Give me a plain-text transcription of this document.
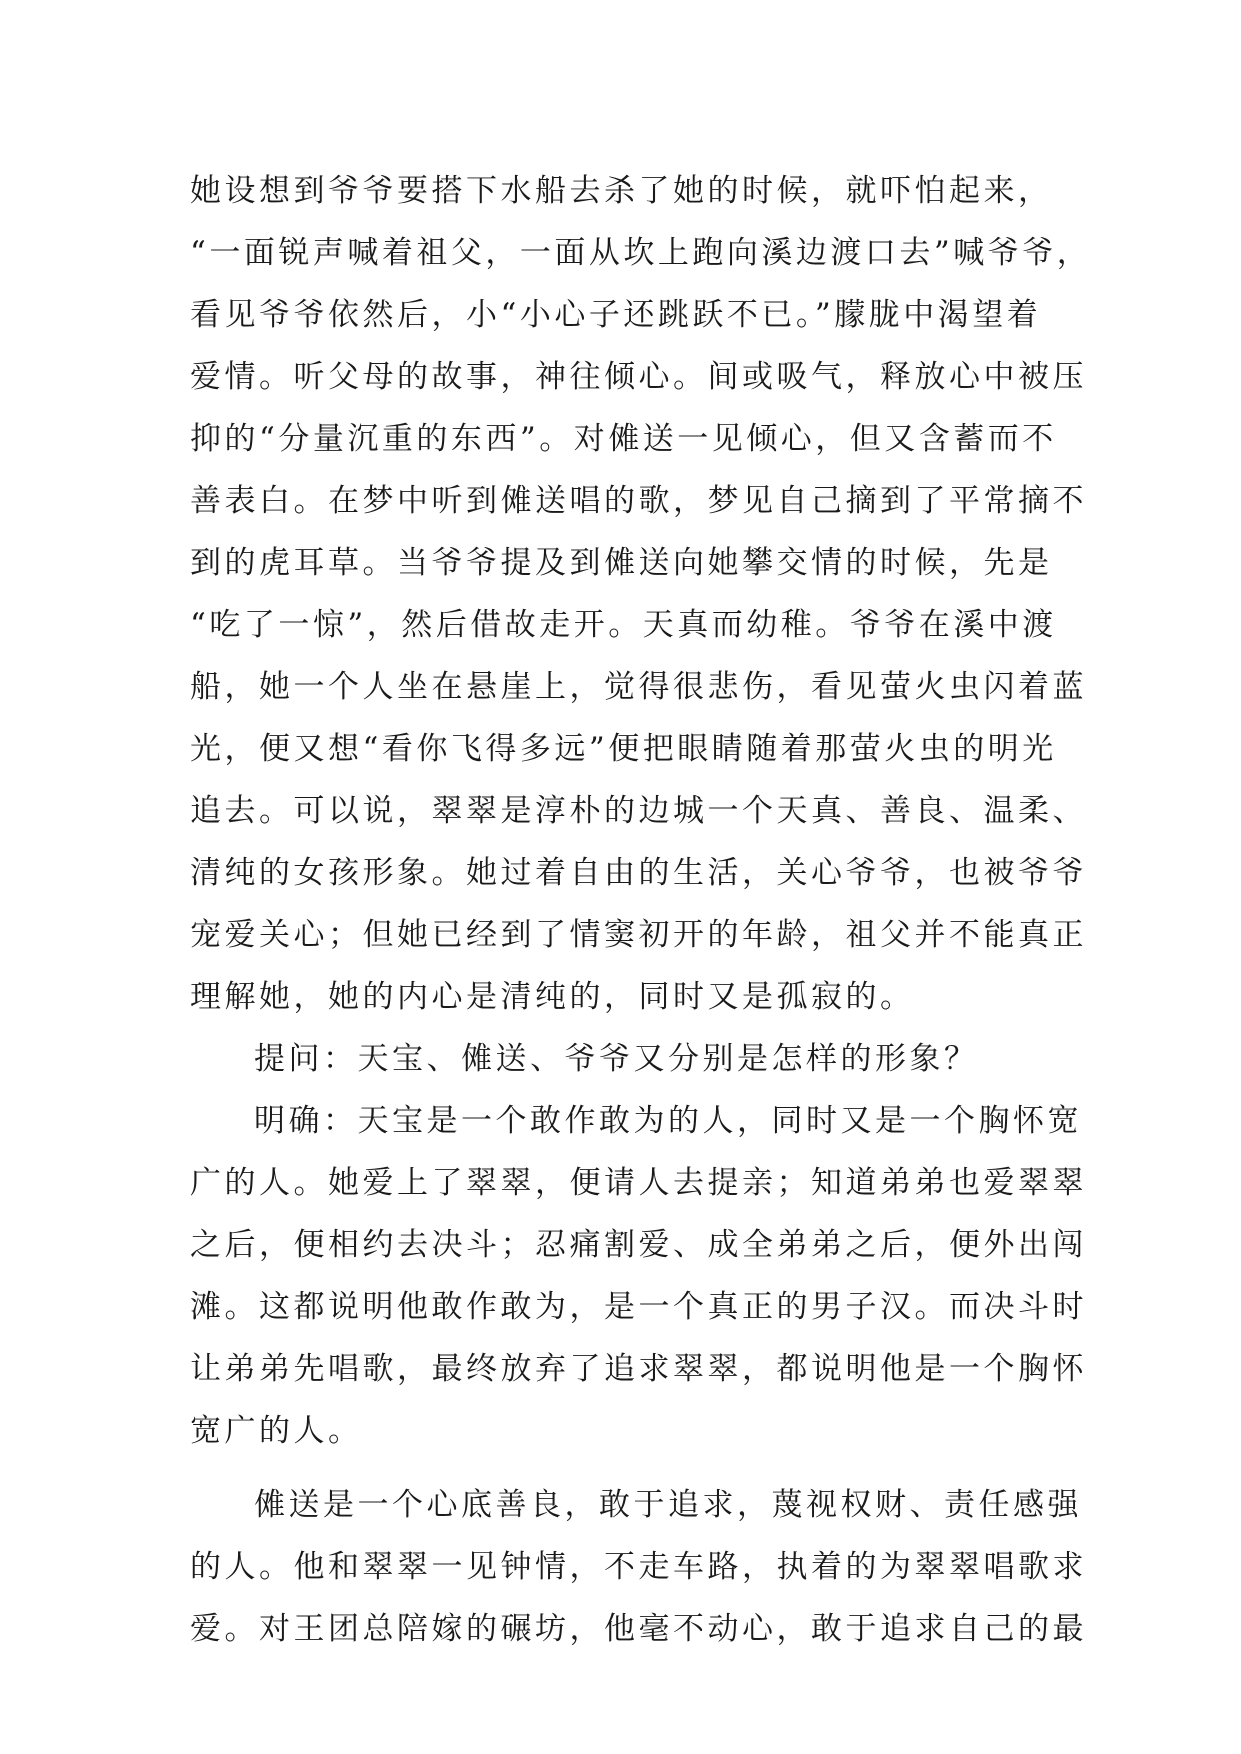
她设想到爷爷要搭下水船去杀了她的时候，就吓怕起来，
“一面锐声喊着祖父，一面从坎上跑向溪边渡口去”喊爷爷，
看见爷爷依然后，小“小心子还跳跃不已。”朦胧中渴望着
爱情。听父母的故事，神往倾心。间或吸气，释放心中被压
抑的“分量沉重的东西”。对傩送一见倾心，但又含蓄而不
善表白。在梦中听到傩送唱的歌，梦见自己摘到了平常摘不
到的虎耳草。当爷爷提及到傩送向她攀交情的时候，先是
“吃了一惊”，然后借故走开。天真而幼稚。爷爷在溪中渡
船，她一个人坐在悬崖上，觉得很悲伤，看见萤火虫闪着蓝
光，便又想“看你飞得多远”便把眼睛随着那萤火虫的明光
追去。可以说，翠翠是淳朴的边城一个天真、善良、温柔、
清纯的女孩形象。她过着自由的生活，关心爷爷，也被爷爷
宠爱关心；但她已经到了情窦初开的年龄，祖父并不能真正
理解她，她的内心是清纯的，同时又是孤寂的。
提问：天宝、傩送、爷爷又分别是怎样的形象？
明确：天宝是一个敢作敢为的人，同时又是一个胸怀宽
广的人。她爱上了翠翠，便请人去提亲；知道弟弟也爱翠翠
之后，便相约去决斗；忍痛割爱、成全弟弟之后，便外出闯
滩。这都说明他敢作敢为，是一个真正的男子汉。而决斗时
让弟弟先唱歌，最终放弃了追求翠翠，都说明他是一个胸怀
宽广的人。
傩送是一个心底善良，敢于追求，蔑视权财、责任感强
的人。他和翠翠一见钟情，不走车路，执着的为翠翠唱歌求
爱。对王团总陪嫁的碾坊，他毫不动心，敢于追求自己的最
